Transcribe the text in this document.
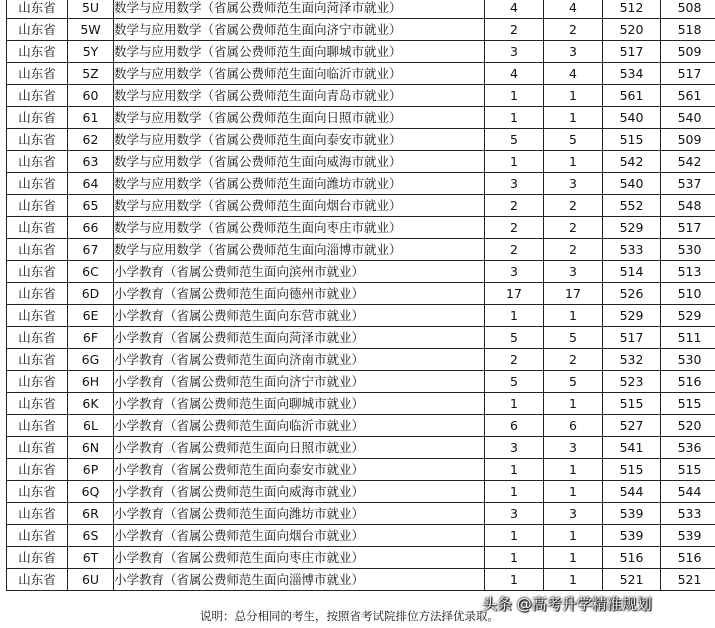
山东省	5U	数学与应用数学（省属公费师范生面向菏泽市就业）	4	4	512	508
山东省	5W	数学与应用数学（省属公费师范生面向济宁市就业）	2	2	520	518
山东省	5Y	数学与应用数学（省属公费师范生面向聊城市就业）	3	3	517	509
山东省	5Z	数学与应用数学（省属公费师范生面向临沂市就业）	4	4	534	517
山东省	60	数学与应用数学（省属公费师范生面向青岛市就业）	1	1	561	561
山东省	61	数学与应用数学（省属公费师范生面向日照市就业）	1	1	540	540
山东省	62	数学与应用数学（省属公费师范生面向泰安市就业）	5	5	515	509
山东省	63	数学与应用数学（省属公费师范生面向威海市就业）	1	1	542	542
山东省	64	数学与应用数学（省属公费师范生面向潍坊市就业）	3	3	540	537
山东省	65	数学与应用数学（省属公费师范生面向烟台市就业）	2	2	552	548
山东省	66	数学与应用数学（省属公费师范生面向枣庄市就业）	2	2	529	517
山东省	67	数学与应用数学（省属公费师范生面向淄博市就业）	2	2	533	530
山东省	6C	小学教育（省属公费师范生面向滨州市就业）	3	3	514	513
山东省	6D	小学教育（省属公费师范生面向德州市就业）	17	17	526	510
山东省	6E	小学教育（省属公费师范生面向东营市就业）	1	1	529	529
山东省	6F	小学教育（省属公费师范生面向菏泽市就业）	5	5	517	511
山东省	6G	小学教育（省属公费师范生面向济南市就业）	2	2	532	530
山东省	6H	小学教育（省属公费师范生面向济宁市就业）	5	5	523	516
山东省	6K	小学教育（省属公费师范生面向聊城市就业）	1	1	515	515
山东省	6L	小学教育（省属公费师范生面向临沂市就业）	6	6	527	520
山东省	6N	小学教育（省属公费师范生面向日照市就业）	3	3	541	536
山东省	6P	小学教育（省属公费师范生面向泰安市就业）	1	1	515	515
山东省	6Q	小学教育（省属公费师范生面向威海市就业）	1	1	544	544
山东省	6R	小学教育（省属公费师范生面向潍坊市就业）	3	3	539	533
山东省	6S	小学教育（省属公费师范生面向烟台市就业）	1	1	539	539
山东省	6T	小学教育（省属公费师范生面向枣庄市就业）	1	1	516	516
山东省	6U	小学教育（省属公费师范生面向淄博市就业）	1	1	521	521
说明：总分相同的考生，按照省考试院排位方法择优录取。
头条 @高考升学精准规划
